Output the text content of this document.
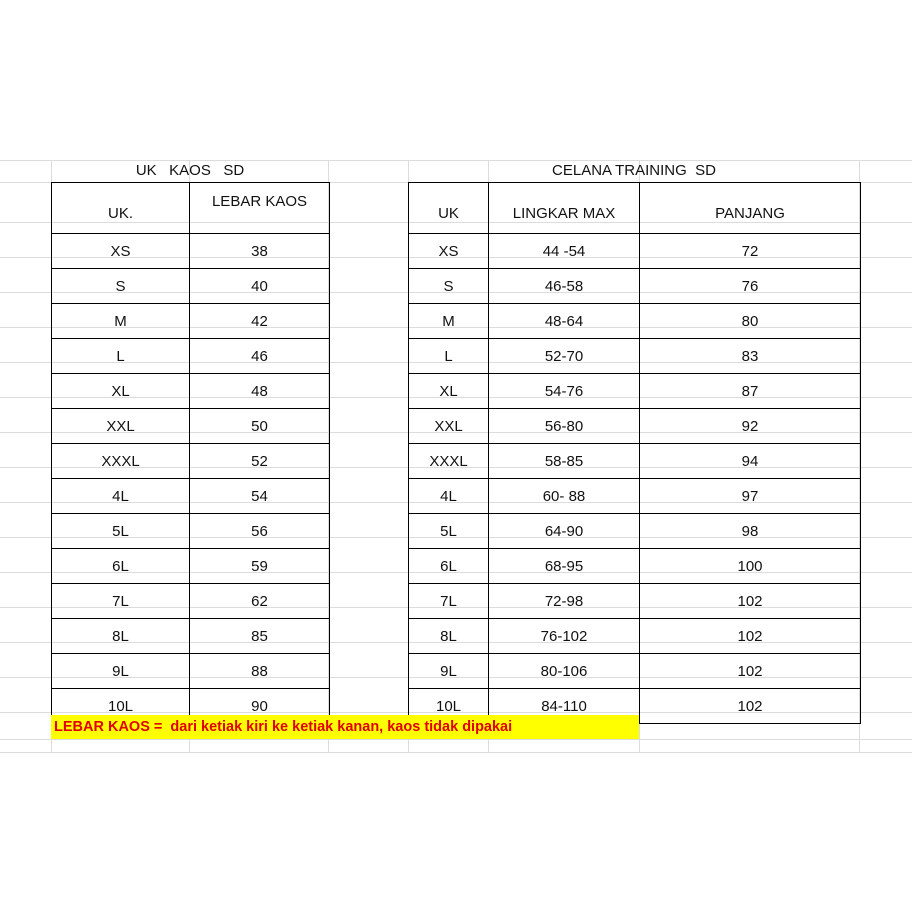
UK   KAOS   SD	CELANA TRAINING  SD
UK.	LEBAR KAOS
XS	38
S	40
M	42
L	46
XL	48
XXL	50
XXXL	52
4L	54
5L	56
6L	59
7L	62
8L	85
9L	88
10L	90
UK	LINGKAR MAX	PANJANG
XS	44 -54	72
S	46-58	76
M	48-64	80
L	52-70	83
XL	54-76	87
XXL	56-80	92
XXXL	58-85	94
4L	60- 88	97
5L	64-90	98
6L	68-95	100
7L	72-98	102
8L	76-102	102
9L	80-106	102
10L	84-110	102
LEBAR KAOS =  dari ketiak kiri ke ketiak kanan, kaos tidak dipakai
